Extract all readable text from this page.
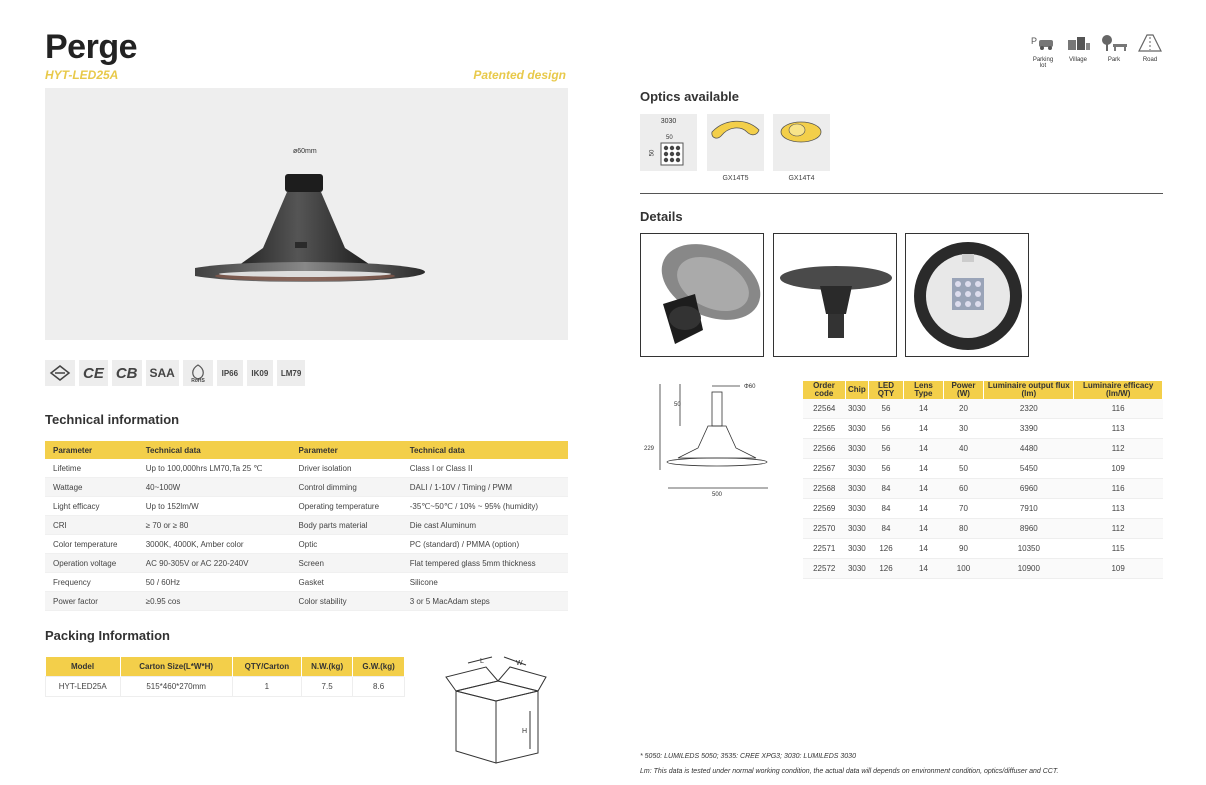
Perge
HYT-LED25A	Patented design
P
Parking lot
Village	Park	Road
ø60mm
CE CB	SAA
RoHS
IP66	IK09	LM79
Technical information
Parameter	Technical data	Parameter	Technical data
Lifetime	Up to 100,000hrs LM70,Ta 25 ℃	Driver isolation	Class I or Class II
Wattage	40~100W	Control dimming	DALI / 1-10V / Timing / PWM
Light efficacy	Up to 152lm/W	Operating temperature	-35℃~50℃ / 10% ~ 95% (humidity)
CRI	≥ 70 or ≥ 80	Body parts material	Die cast Aluminum
Color temperature	3000K, 4000K, Amber color	Optic	PC (standard) / PMMA (option)
Operation voltage	AC 90-305V or AC 220-240V	Screen	Flat tempered glass 5mm thickness
Frequency	50 / 60Hz	Gasket	Silicone
Power factor	≥0.95 cos	Color stability	3 or 5 MacAdam steps
Packing Information
Model	Carton Size(L*W*H)	QTY/Carton	N.W.(kg)	G.W.(kg)
HYT-LED25A	515*460*270mm	1	7.5	8.6
L	W
H
Optics available
3030
50
50
GX14T5	GX14T4
Details
Φ60
50
229
500
Order code	Chip	LED QTY	Lens Type	Power (W)	Luminaire output flux (lm)	Luminaire efficacy (lm/W)
22564	3030	56	14	20	2320	116
22565	3030	56	14	30	3390	113
22566	3030	56	14	40	4480	112
22567	3030	56	14	50	5450	109
22568	3030	84	14	60	6960	116
22569	3030	84	14	70	7910	113
22570	3030	84	14	80	8960	112
22571	3030	126	14	90	10350	115
22572	3030	126	14	100	10900	109
* 5050: LUMILEDS 5050; 3535: CREE XPG3; 3030: LUMILEDS 3030
Lm: This data is tested under normal working condition, the actual data will depends on environment condition, optics/diffuser and CCT.
